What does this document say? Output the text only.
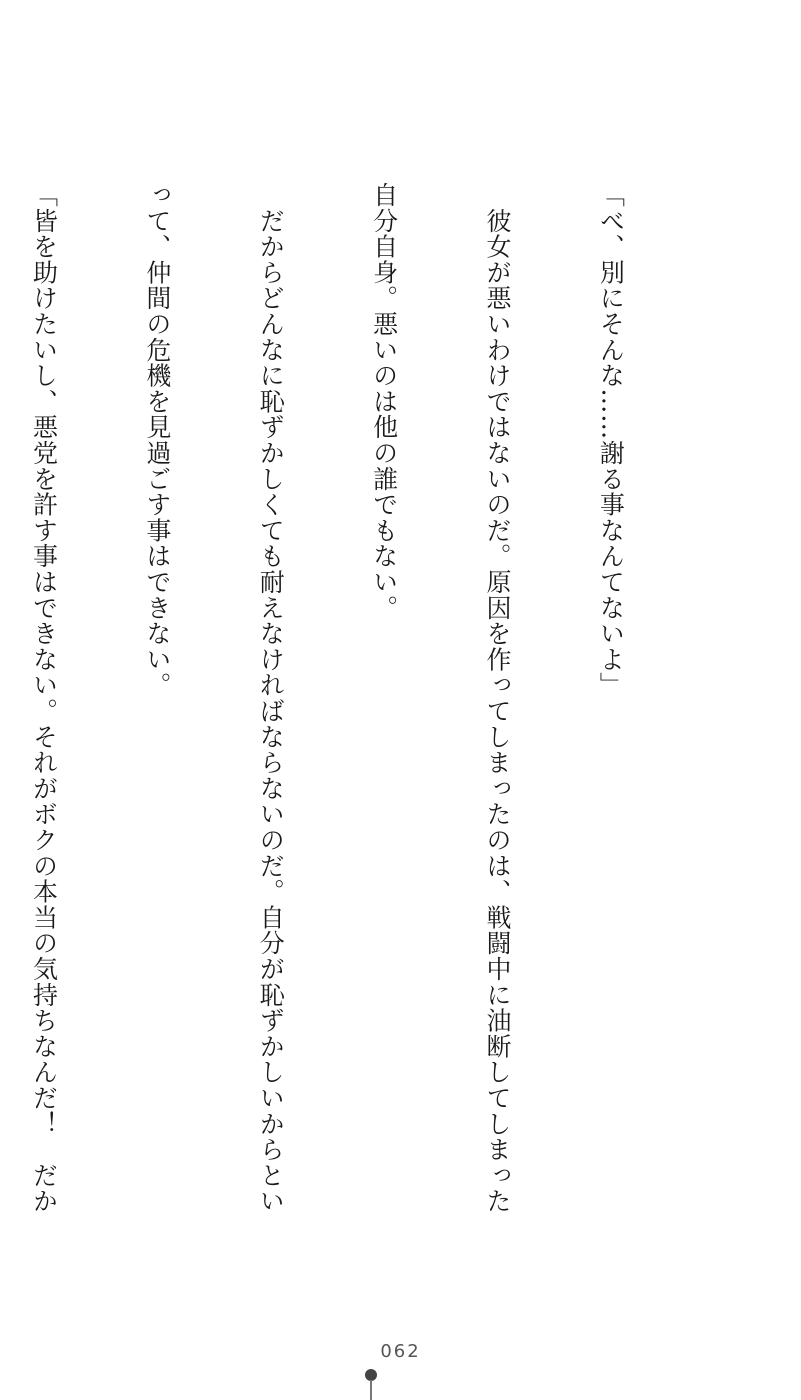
「べ、別にそんな……謝る事なんてないよ」

　彼女が悪いわけではないのだ。原因を作ってしまったのは、戦闘中に油断してしまった

自分自身。悪いのは他の誰でもない。

　だからどんなに恥ずかしくても耐えなければならないのだ。自分が恥ずかしいからとい

って、仲間の危機を見過ごす事はできない。

「皆を助けたいし、悪党を許す事はできない。それがボクの本当の気持ちなんだ！　だか

062
